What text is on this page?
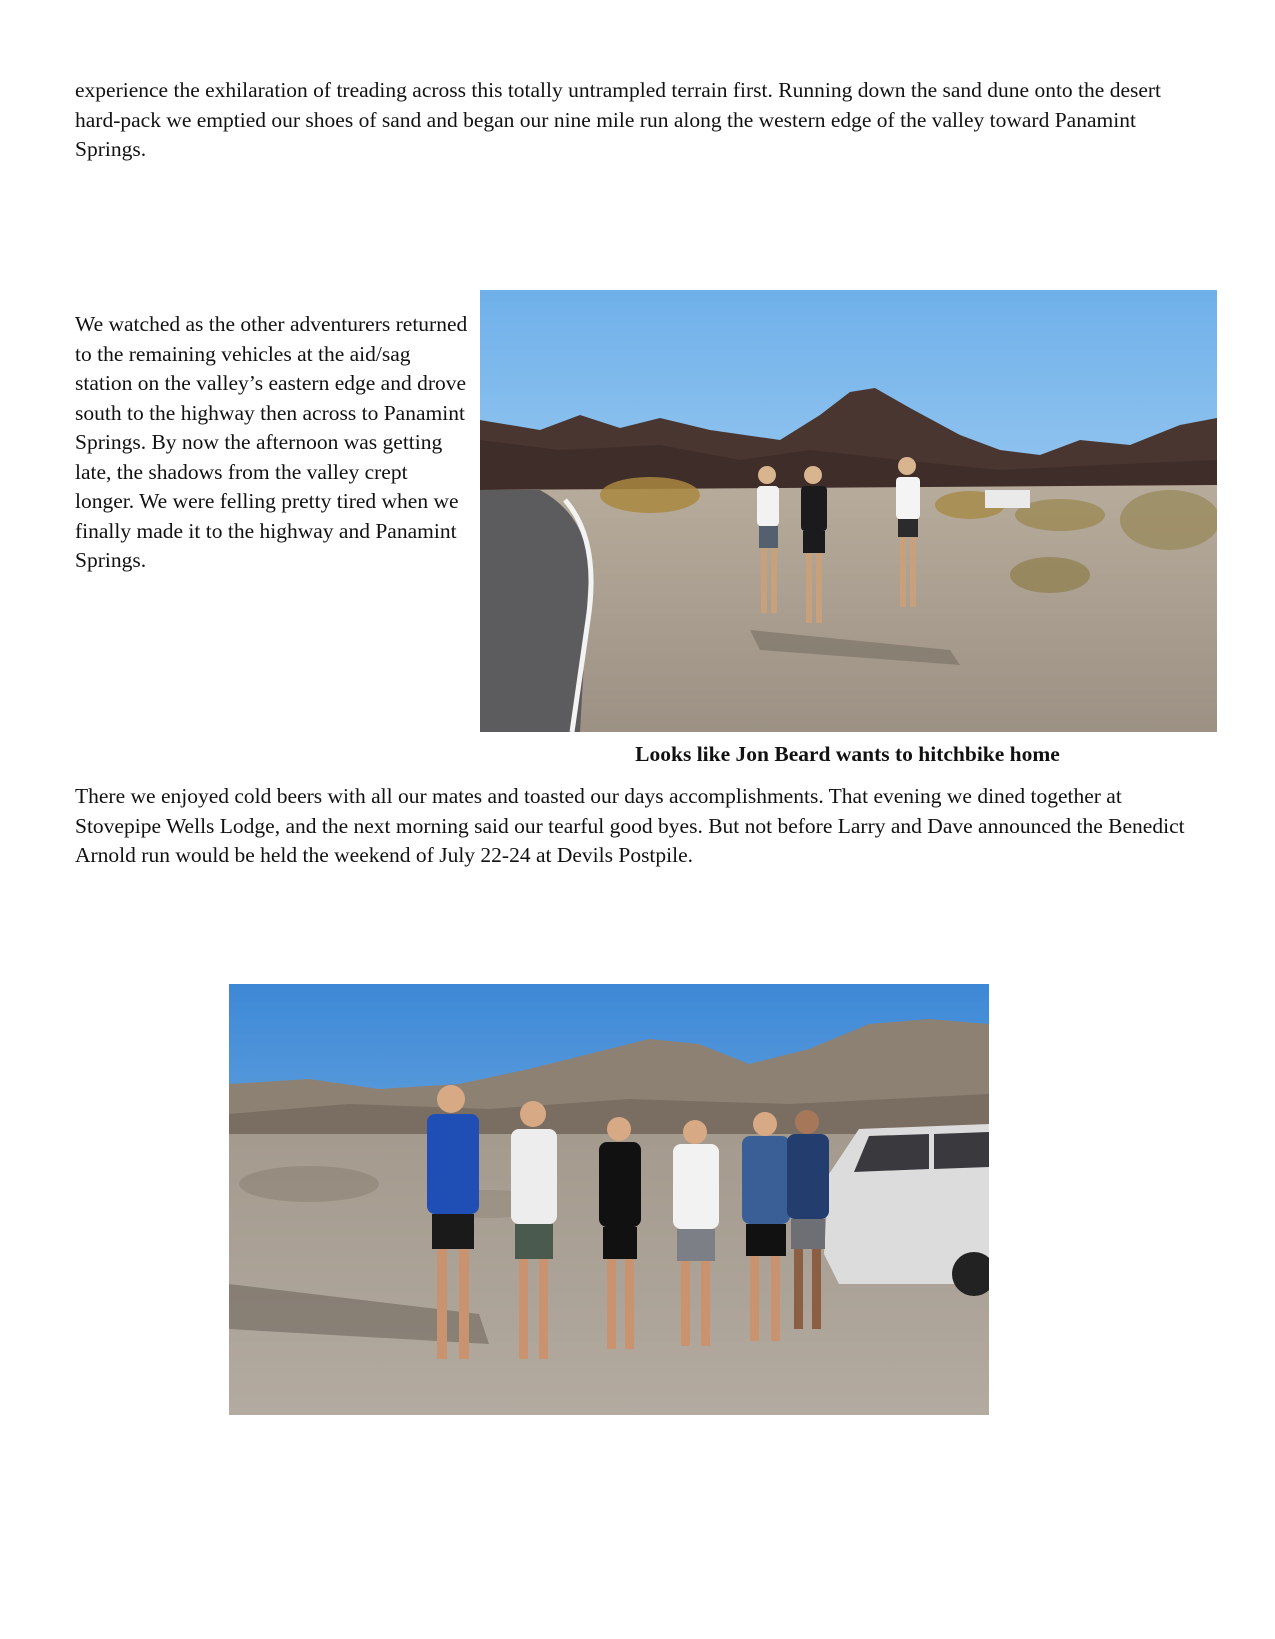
experience the exhilaration of treading across this totally untrampled terrain first. Running down the sand dune onto the desert hard-pack we emptied our shoes of sand and began our nine mile run along the western edge of the valley toward Panamint Springs.

We watched as the other adventurers returned to the remaining vehicles at the aid/sag station on the valley’s eastern edge and drove south to the highway then across to Panamint Springs. By now the afternoon was getting late, the shadows from the valley crept longer. We were felling pretty tired when we finally made it to the highway and Panamint Springs.

Looks like Jon Beard wants to hitchbike home

There we enjoyed cold beers with all our mates and toasted our days accomplishments. That evening we dined together at Stovepipe Wells Lodge, and the next morning said our tearful good byes. But not before Larry and Dave announced the Benedict Arnold run would be held the weekend of July 22-24 at Devils Postpile.
